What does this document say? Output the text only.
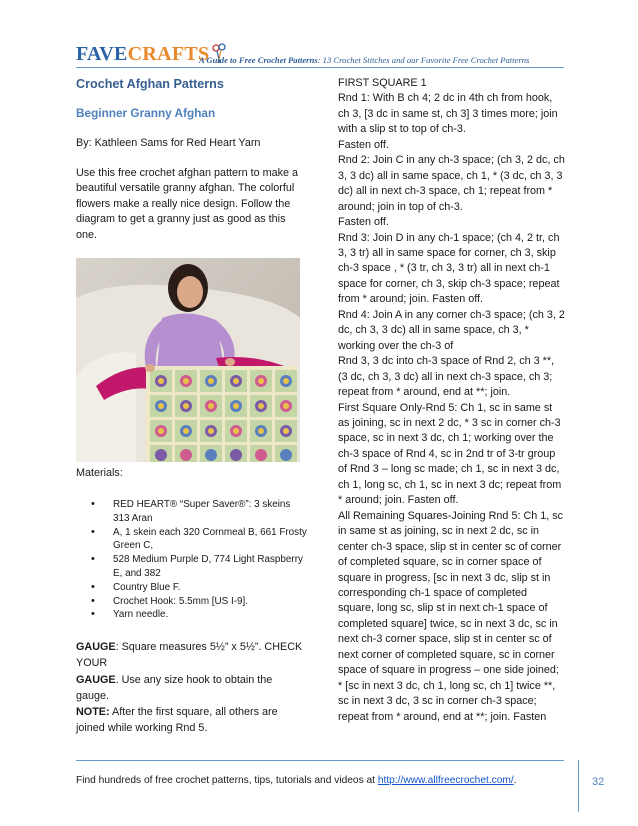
FAVE CRAFTS
A Guide to Free Crochet Patterns: 13 Crochet Stitches and our Favorite Free Crochet Patterns
Crochet Afghan Patterns
Beginner Granny Afghan

By: Kathleen Sams for Red Heart Yarn

Use this free crochet afghan pattern to make a beautiful versatile granny afghan. The colorful flowers make a really nice design. Follow the diagram to get a granny just as good as this one.

Materials:
• RED HEART® “Super Saver®”: 3 skeins 313 Aran
• A, 1 skein each 320 Cornmeal B, 661 Frosty Green C,
• 528 Medium Purple D, 774 Light Raspberry E, and 382
• Country Blue F.
• Crochet Hook: 5.5mm [US I-9].
• Yarn needle.
GAUGE: Square measures 5½” x 5½”. CHECK YOUR
GAUGE. Use any size hook to obtain the gauge.
NOTE: After the first square, all others are joined while working Rnd 5.
FIRST SQUARE 1
Rnd 1: With B ch 4; 2 dc in 4th ch from hook, ch 3, [3 dc in same st, ch 3] 3 times more; join with a slip st to top of ch-3.
Fasten off.
Rnd 2: Join C in any ch-3 space; (ch 3, 2 dc, ch 3, 3 dc) all in same space, ch 1, * (3 dc, ch 3, 3 dc) all in next ch-3 space, ch 1; repeat from * around; join in top of ch-3.
Fasten off.
Rnd 3: Join D in any ch-1 space; (ch 4, 2 tr, ch 3, 3 tr) all in same space for corner, ch 3, skip ch-3 space , * (3 tr, ch 3, 3 tr) all in next ch-1 space for corner, ch 3, skip ch-3 space; repeat from * around; join. Fasten off.
Rnd 4: Join A in any corner ch-3 space; (ch 3, 2 dc, ch 3, 3 dc) all in same space, ch 3, * working over the ch-3 of
Rnd 3, 3 dc into ch-3 space of Rnd 2, ch 3 **, (3 dc, ch 3, 3 dc) all in next ch-3 space, ch 3; repeat from * around, end at **; join.
First Square Only-Rnd 5: Ch 1, sc in same st as joining, sc in next 2 dc, * 3 sc in corner ch-3 space, sc in next 3 dc, ch 1; working over the ch-3 space of Rnd 4, sc in 2nd tr of 3-tr group of Rnd 3 – long sc made; ch 1, sc in next 3 dc, ch 1, long sc, ch 1, sc in next 3 dc; repeat from * around; join. Fasten off.
All Remaining Squares-Joining Rnd 5: Ch 1, sc in same st as joining, sc in next 2 dc, sc in center ch-3 space, slip st in center sc of corner of completed square, sc in corner space of square in progress, [sc in next 3 dc, slip st in corresponding ch-1 space of completed square, long sc, slip st in next ch-1 space of completed square] twice, sc in next 3 dc, sc in next ch-3 corner space, slip st in center sc of next corner of completed square, sc in corner space of square in progress – one side joined; * [sc in next 3 dc, ch 1, long sc, ch 1] twice **, sc in next 3 dc, 3 sc in corner ch-3 space; repeat from * around, end at **; join. Fasten
Find hundreds of free crochet patterns, tips, tutorials and videos at http://www.allfreecrochet.com/.	32
